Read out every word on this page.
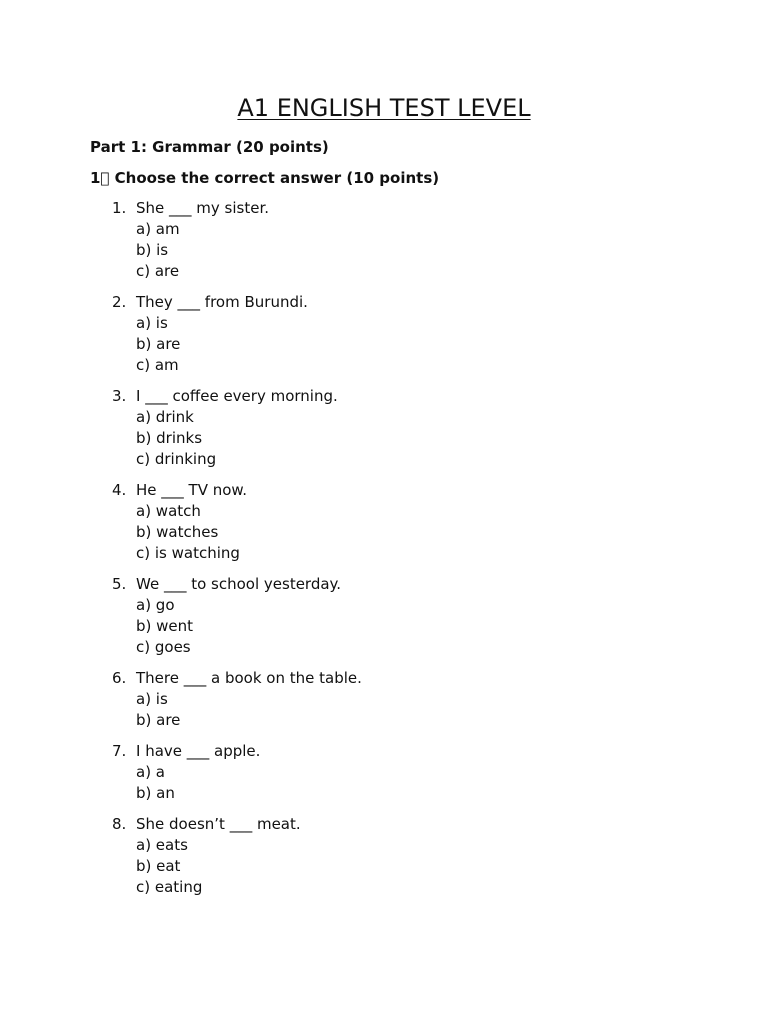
A1 ENGLISH TEST LEVEL
Part 1: Grammar (20 points)
1⃣ Choose the correct answer (10 points)
1. She ___ my sister.
a) am
b) is
c) are
2. They ___ from Burundi.
a) is
b) are
c) am
3. I ___ coffee every morning.
a) drink
b) drinks
c) drinking
4. He ___ TV now.
a) watch
b) watches
c) is watching
5. We ___ to school yesterday.
a) go
b) went
c) goes
6. There ___ a book on the table.
a) is
b) are
7. I have ___ apple.
a) a
b) an
8. She doesn’t ___ meat.
a) eats
b) eat
c) eating
